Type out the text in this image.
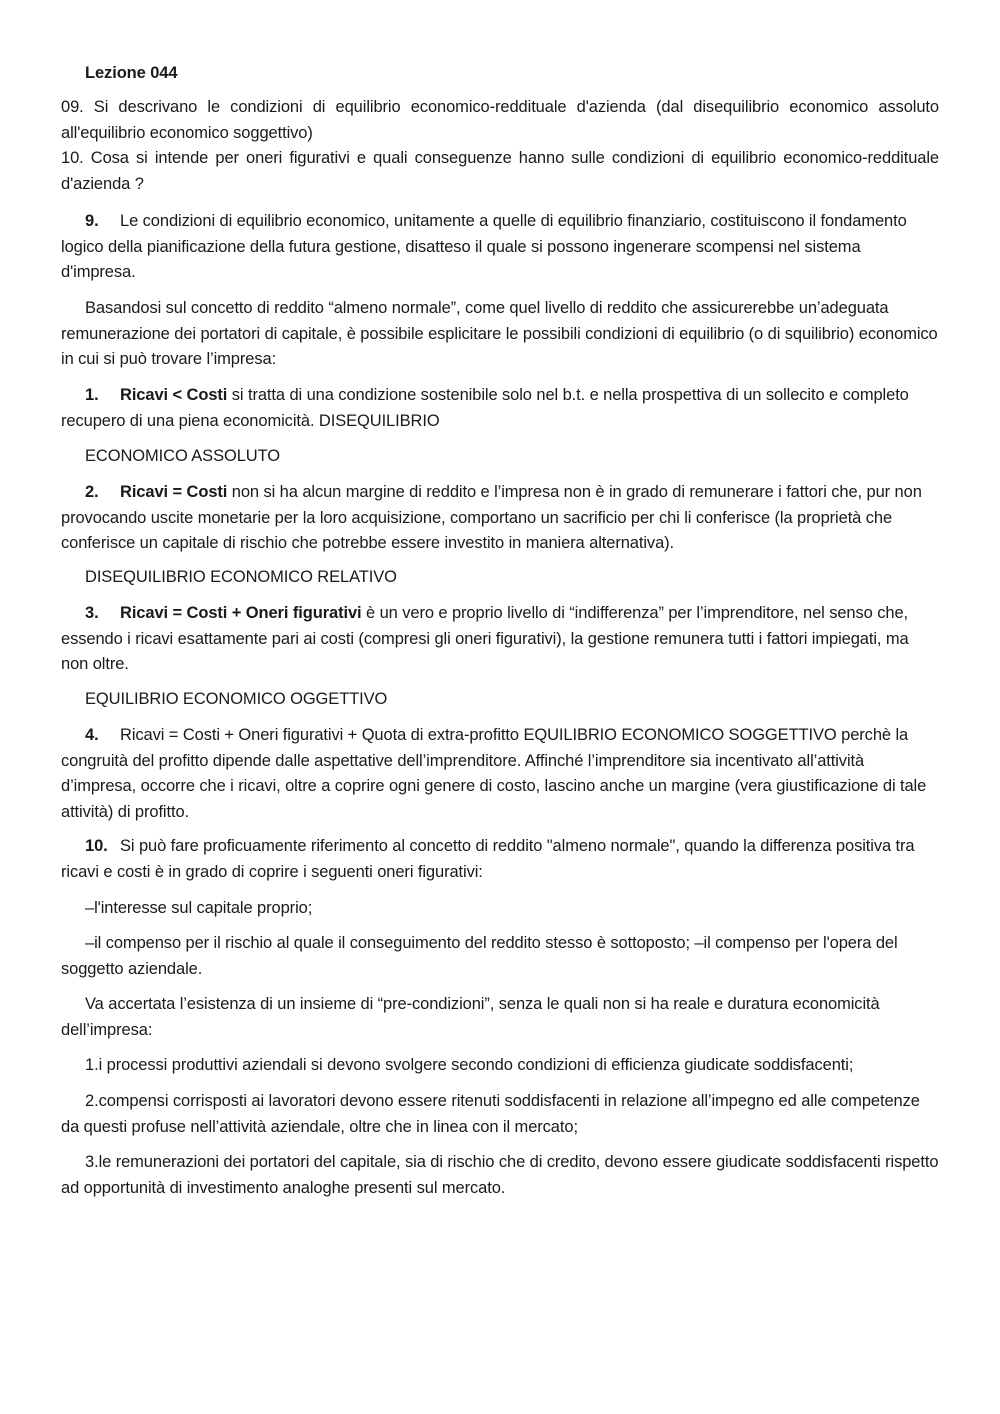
Lezione 044

09. Si descrivano le condizioni di equilibrio economico-reddituale d'azienda (dal disequilibrio economico assoluto all'equilibrio economico soggettivo)

10. Cosa si intende per oneri figurativi e quali conseguenze hanno sulle condizioni di equilibrio economico-reddituale d'azienda ?

9. Le condizioni di equilibrio economico, unitamente a quelle di equilibrio finanziario, costituiscono il fondamento logico della pianificazione della futura gestione, disatteso il quale si possono ingenerare scompensi nel sistema d'impresa.

Basandosi sul concetto di reddito “almeno normale”, come quel livello di reddito che assicurerebbe un’adeguata remunerazione dei portatori di capitale, è possibile esplicitare le possibili condizioni di equilibrio (o di squilibrio) economico in cui si può trovare l’impresa:

1. Ricavi < Costi si tratta di una condizione sostenibile solo nel b.t. e nella prospettiva di un sollecito e completo recupero di una piena economicità. DISEQUILIBRIO

ECONOMICO ASSOLUTO

2. Ricavi = Costi non si ha alcun margine di reddito e l’impresa non è in grado di remunerare i fattori che, pur non provocando uscite monetarie per la loro acquisizione, comportano un sacrificio per chi li conferisce (la proprietà che conferisce un capitale di rischio che potrebbe essere investito in maniera alternativa).

DISEQUILIBRIO ECONOMICO RELATIVO

3. Ricavi = Costi + Oneri figurativi è un vero e proprio livello di “indifferenza” per l’imprenditore, nel senso che, essendo i ricavi esattamente pari ai costi (compresi gli oneri figurativi), la gestione remunera tutti i fattori impiegati, ma non oltre.

EQUILIBRIO ECONOMICO OGGETTIVO

4. Ricavi = Costi + Oneri figurativi + Quota di extra-profitto EQUILIBRIO ECONOMICO SOGGETTIVO perchè la congruità del profitto dipende dalle aspettative dell’imprenditore. Affinché l’imprenditore sia incentivato all’attività d’impresa, occorre che i ricavi, oltre a coprire ogni genere di costo, lascino anche un margine (vera giustificazione di tale attività) di profitto.

10. Si può fare proficuamente riferimento al concetto di reddito "almeno normale", quando la differenza positiva tra ricavi e costi è in grado di coprire i seguenti oneri figurativi:

–l'interesse sul capitale proprio;

–il compenso per il rischio al quale il conseguimento del reddito stesso è sottoposto; –il compenso per l'opera del soggetto aziendale.

Va accertata l’esistenza di un insieme di “pre-condizioni”, senza le quali non si ha reale e duratura economicità dell’impresa:

1.i processi produttivi aziendali si devono svolgere secondo condizioni di efficienza giudicate soddisfacenti;

2.compensi corrisposti ai lavoratori devono essere ritenuti soddisfacenti in relazione all’impegno ed alle competenze da questi profuse nell’attività aziendale, oltre che in linea con il mercato;

3.le remunerazioni dei portatori del capitale, sia di rischio che di credito, devono essere giudicate soddisfacenti rispetto ad opportunità di investimento analoghe presenti sul mercato.
